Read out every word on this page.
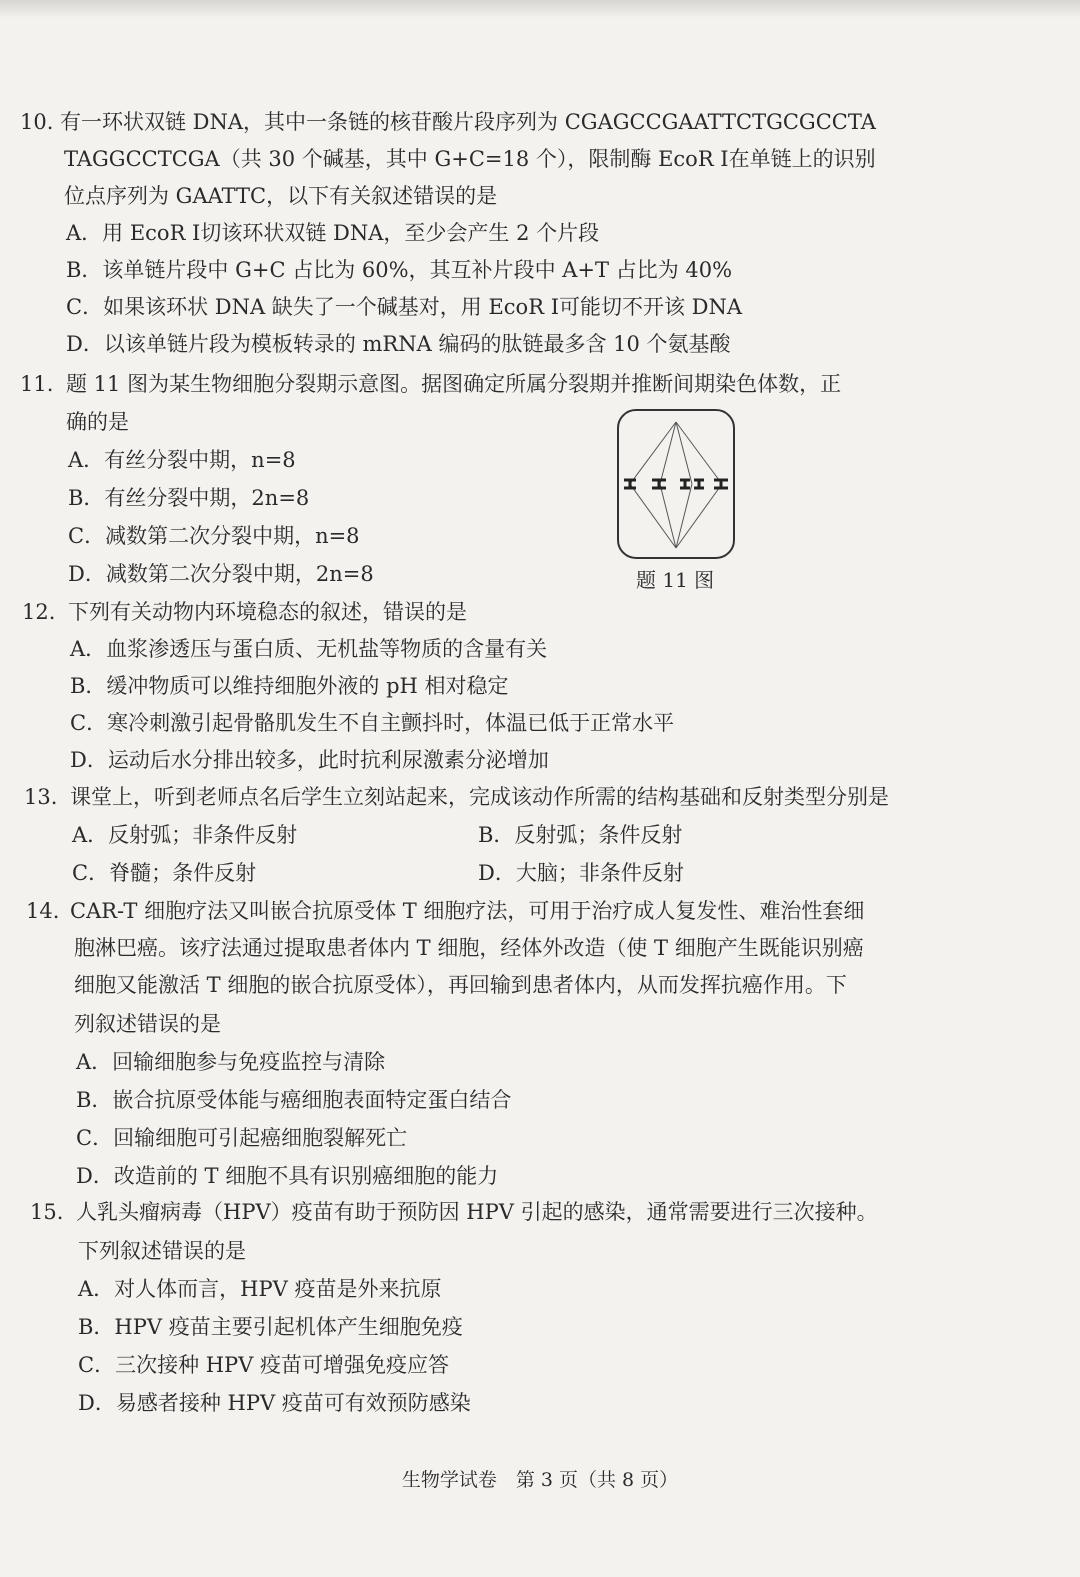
10. 有一环状双链 DNA，其中一条链的核苷酸片段序列为 CGAGCCGAATTCTGCGCCTA
TAGGCCTCGA（共 30 个碱基，其中 G+C=18 个），限制酶 EcoR Ⅰ在单链上的识别
位点序列为 GAATTC，以下有关叙述错误的是
A．用 EcoR Ⅰ切该环状双链 DNA，至少会产生 2 个片段
B．该单链片段中 G+C 占比为 60%，其互补片段中 A+T 占比为 40%
C．如果该环状 DNA 缺失了一个碱基对，用 EcoR Ⅰ可能切不开该 DNA
D．以该单链片段为模板转录的 mRNA 编码的肽链最多含 10 个氨基酸
11. 题 11 图为某生物细胞分裂期示意图。据图确定所属分裂期并推断间期染色体数，正
确的是
A．有丝分裂中期，n=8
B．有丝分裂中期，2n=8
C．减数第二次分裂中期，n=8
D．减数第二次分裂中期，2n=8	题 11 图
12. 下列有关动物内环境稳态的叙述，错误的是
A．血浆渗透压与蛋白质、无机盐等物质的含量有关
B．缓冲物质可以维持细胞外液的 pH 相对稳定
C．寒冷刺激引起骨骼肌发生不自主颤抖时，体温已低于正常水平
D．运动后水分排出较多，此时抗利尿激素分泌增加
13. 课堂上，听到老师点名后学生立刻站起来，完成该动作所需的结构基础和反射类型分别是
A．反射弧；非条件反射	B．反射弧；条件反射
C．脊髓；条件反射	D．大脑；非条件反射
14. CAR-T 细胞疗法又叫嵌合抗原受体 T 细胞疗法，可用于治疗成人复发性、难治性套细
胞淋巴癌。该疗法通过提取患者体内 T 细胞，经体外改造（使 T 细胞产生既能识别癌
细胞又能激活 T 细胞的嵌合抗原受体），再回输到患者体内，从而发挥抗癌作用。下
列叙述错误的是
A．回输细胞参与免疫监控与清除
B．嵌合抗原受体能与癌细胞表面特定蛋白结合
C．回输细胞可引起癌细胞裂解死亡
D．改造前的 T 细胞不具有识别癌细胞的能力
15. 人乳头瘤病毒（HPV）疫苗有助于预防因 HPV 引起的感染，通常需要进行三次接种。
下列叙述错误的是
A．对人体而言，HPV 疫苗是外来抗原
B．HPV 疫苗主要引起机体产生细胞免疫
C．三次接种 HPV 疫苗可增强免疫应答
D．易感者接种 HPV 疫苗可有效预防感染
生物学试卷　第 3 页（共 8 页）
